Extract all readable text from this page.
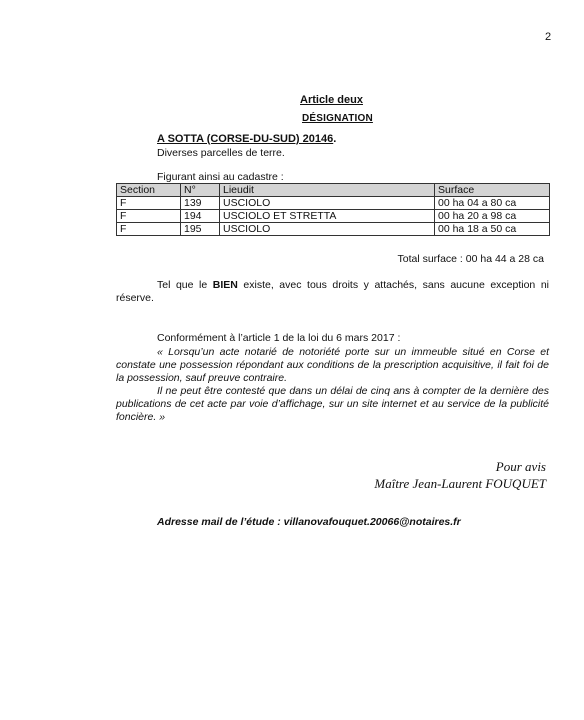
2
Article deux
DÉSIGNATION
A SOTTA (CORSE-DU-SUD) 20146.
Diverses parcelles de terre.
Figurant ainsi au cadastre :
Section	N°	Lieudit	Surface
F	139	USCIOLO	00 ha 04 a 80 ca
F	194	USCIOLO ET STRETTA	00 ha 20 a 98 ca
F	195	USCIOLO	00 ha 18 a 50 ca
Total surface : 00 ha 44 a 28 ca
Tel que le BIEN existe, avec tous droits y attachés, sans aucune exception ni réserve.
Conformément à l’article 1 de la loi du 6 mars 2017 :

« Lorsqu’un acte notarié de notoriété porte sur un immeuble situé en Corse et constate une possession répondant aux conditions de la prescription acquisitive, il fait foi de la possession, sauf preuve contraire.

Il ne peut être contesté que dans un délai de cinq ans à compter de la dernière des publications de cet acte par voie d’affichage, sur un site internet et au service de la publicité foncière. »

Pour avis
Maître Jean-Laurent FOUQUET
Adresse mail de l’étude : villanovafouquet.20066@notaires.fr
